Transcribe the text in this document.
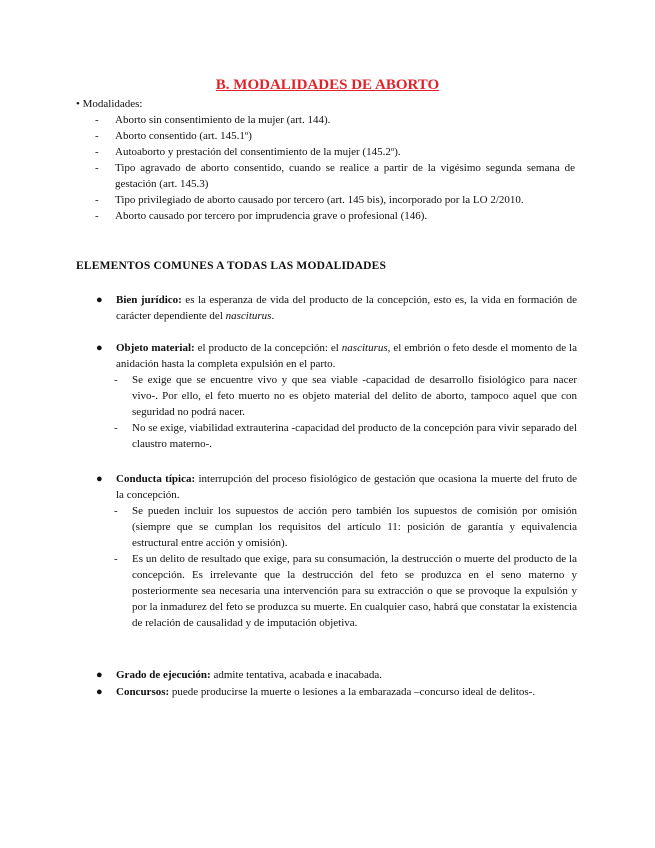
B. MODALIDADES DE ABORTO
• Modalidades:
- Aborto sin consentimiento de la mujer (art. 144).
- Aborto consentido (art. 145.1º)
- Autoaborto y prestación del consentimiento de la mujer (145.2º).
- Tipo agravado de aborto consentido, cuando se realice a partir de la vigésimo segunda semana de gestación (art. 145.3)
- Tipo privilegiado de aborto causado por tercero (art. 145 bis), incorporado por la LO 2/2010.
- Aborto causado por tercero por imprudencia grave o profesional (146).
ELEMENTOS COMUNES A TODAS LAS MODALIDADES
● Bien jurídico: es la esperanza de vida del producto de la concepción, esto es, la vida en formación de carácter dependiente del nasciturus.
● Objeto material: el producto de la concepción: el nasciturus, el embrión o feto desde el momento de la anidación hasta la completa expulsión en el parto.
- Se exige que se encuentre vivo y que sea viable -capacidad de desarrollo fisiológico para nacer vivo-. Por ello, el feto muerto no es objeto material del delito de aborto, tampoco aquel que con seguridad no podrá nacer.
- No se exige, viabilidad extrauterina -capacidad del producto de la concepción para vivir separado del claustro materno-.
● Conducta típica: interrupción del proceso fisiológico de gestación que ocasiona la muerte del fruto de la concepción.
- Se pueden incluir los supuestos de acción pero también los supuestos de comisión por omisión (siempre que se cumplan los requisitos del artículo 11: posición de garantía y equivalencia estructural entre acción y omisión).
- Es un delito de resultado que exige, para su consumación, la destrucción o muerte del producto de la concepción. Es irrelevante que la destrucción del feto se produzca en el seno materno y posteriormente sea necesaria una intervención para su extracción o que se provoque la expulsión y por la inmadurez del feto se produzca su muerte. En cualquier caso, habrá que constatar la existencia de relación de causalidad y de imputación objetiva.
● Grado de ejecución: admite tentativa, acabada e inacabada.
● Concursos: puede producirse la muerte o lesiones a la embarazada –concurso ideal de delitos-.
